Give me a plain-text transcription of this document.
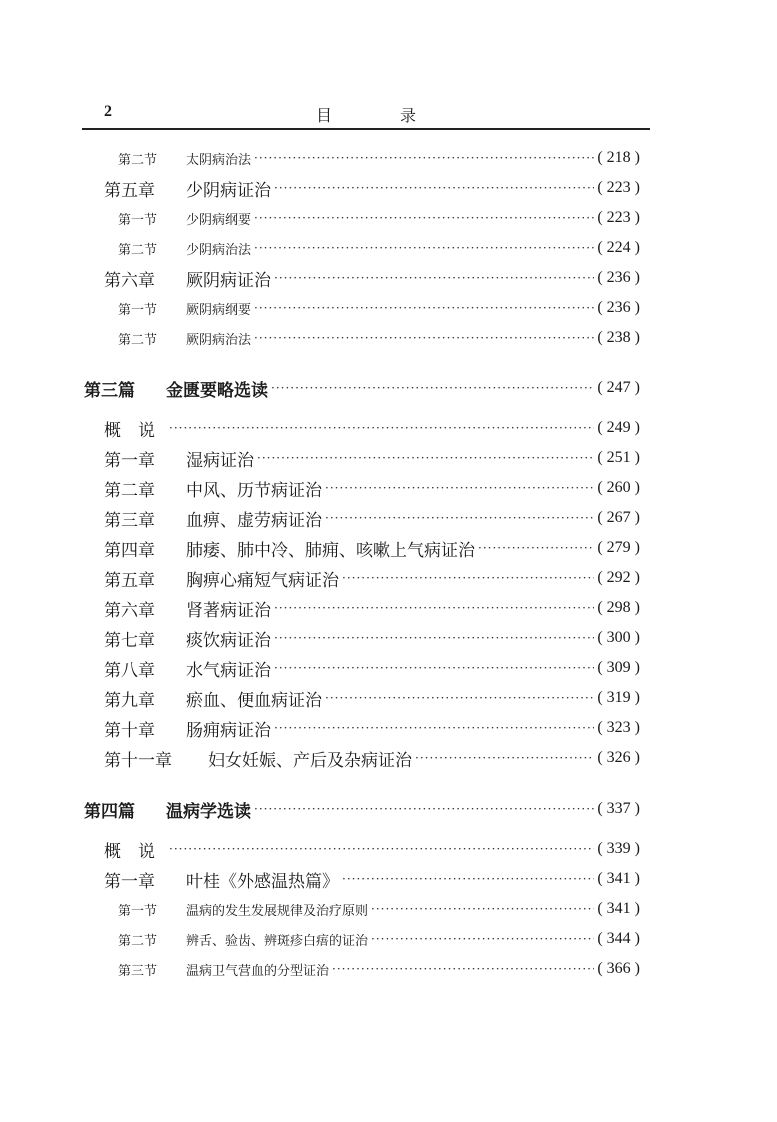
2	目　录
第二节	太阴病治法 ·····	( 218 )
第五章	少阴病证治 ·····	( 223 )
第一节	少阴病纲要 ·····	( 223 )
第二节	少阴病治法 ·····	( 224 )
第六章	厥阴病证治 ·····	( 236 )
第一节	厥阴病纲要 ·····	( 236 )
第二节	厥阴病治法 ·····	( 238 )
第三篇	金匮要略选读 ·····	( 247 )
概　说 ·····	( 249 )
第一章	湿病证治 ·····	( 251 )
第二章	中风、历节病证治 ·····	( 260 )
第三章	血痹、虚劳病证治 ·····	( 267 )
第四章	肺痿、肺中冷、肺痈、咳嗽上气病证治 ·····	( 279 )
第五章	胸痹心痛短气病证治 ·····	( 292 )
第六章	肾著病证治 ·····	( 298 )
第七章	痰饮病证治 ·····	( 300 )
第八章	水气病证治 ·····	( 309 )
第九章	瘀血、便血病证治 ·····	( 319 )
第十章	肠痈病证治 ·····	( 323 )
第十一章	妇女妊娠、产后及杂病证治 ·····	( 326 )
第四篇	温病学选读 ·····	( 337 )
概　说 ·····	( 339 )
第一章	叶桂《外感温热篇》 ·····	( 341 )
第一节	温病的发生发展规律及治疗原则 ·····	( 341 )
第二节	辨舌、验齿、辨斑疹白痦的证治 ·····	( 344 )
第三节	温病卫气营血的分型证治 ·····	( 366 )
